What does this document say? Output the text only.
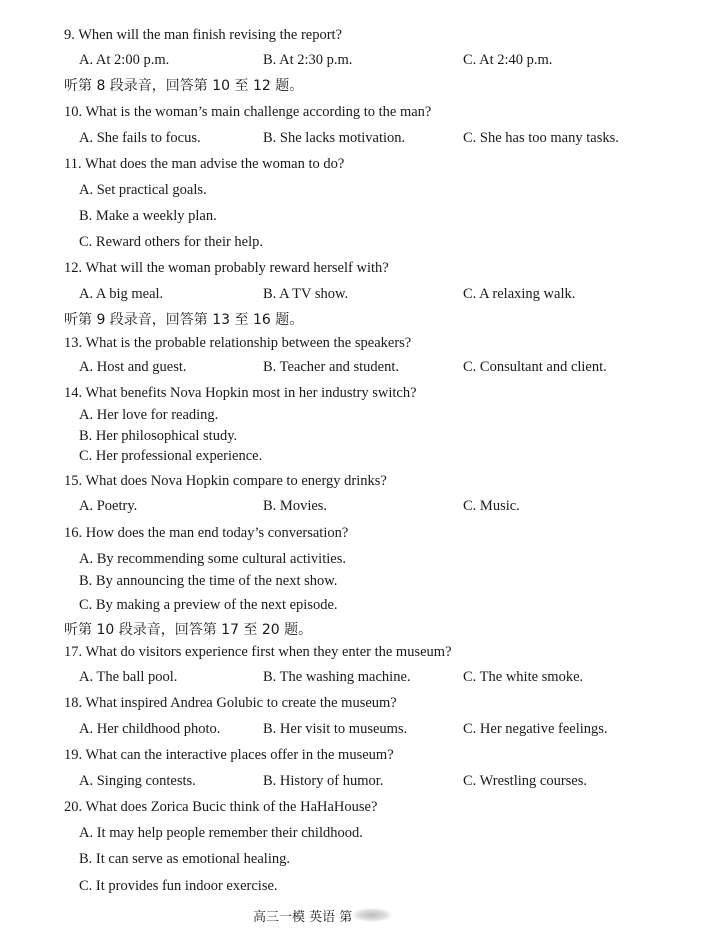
9. When will the man finish revising the report?
A. At 2:00 p.m.	B. At 2:30 p.m.	C. At 2:40 p.m.
听第 8 段录音，回答第 10 至 12 题。
10. What is the woman’s main challenge according to the man?
A. She fails to focus.	B. She lacks motivation.	C. She has too many tasks.
11. What does the man advise the woman to do?
A. Set practical goals.
B. Make a weekly plan.
C. Reward others for their help.
12. What will the woman probably reward herself with?
A. A big meal.	B. A TV show.	C. A relaxing walk.
听第 9 段录音，回答第 13 至 16 题。
13. What is the probable relationship between the speakers?
A. Host and guest.	B. Teacher and student.	C. Consultant and client.
14. What benefits Nova Hopkin most in her industry switch?
A. Her love for reading.
B. Her philosophical study.
C. Her professional experience.
15. What does Nova Hopkin compare to energy drinks?
A. Poetry.	B. Movies.	C. Music.
16. How does the man end today’s conversation?
A. By recommending some cultural activities.
B. By announcing the time of the next show.
C. By making a preview of the next episode.
听第 10 段录音，回答第 17 至 20 题。
17. What do visitors experience first when they enter the museum?
A. The ball pool.	B. The washing machine.	C. The white smoke.
18. What inspired Andrea Golubic to create the museum?
A. Her childhood photo.	B. Her visit to museums.	C. Her negative feelings.
19. What can the interactive places offer in the museum?
A. Singing contests.	B. History of humor.	C. Wrestling courses.
20. What does Zorica Bucic think of the HaHaHouse?
A. It may help people remember their childhood.
B. It can serve as emotional healing.
C. It provides fun indoor exercise.
高三一模 英语 第
